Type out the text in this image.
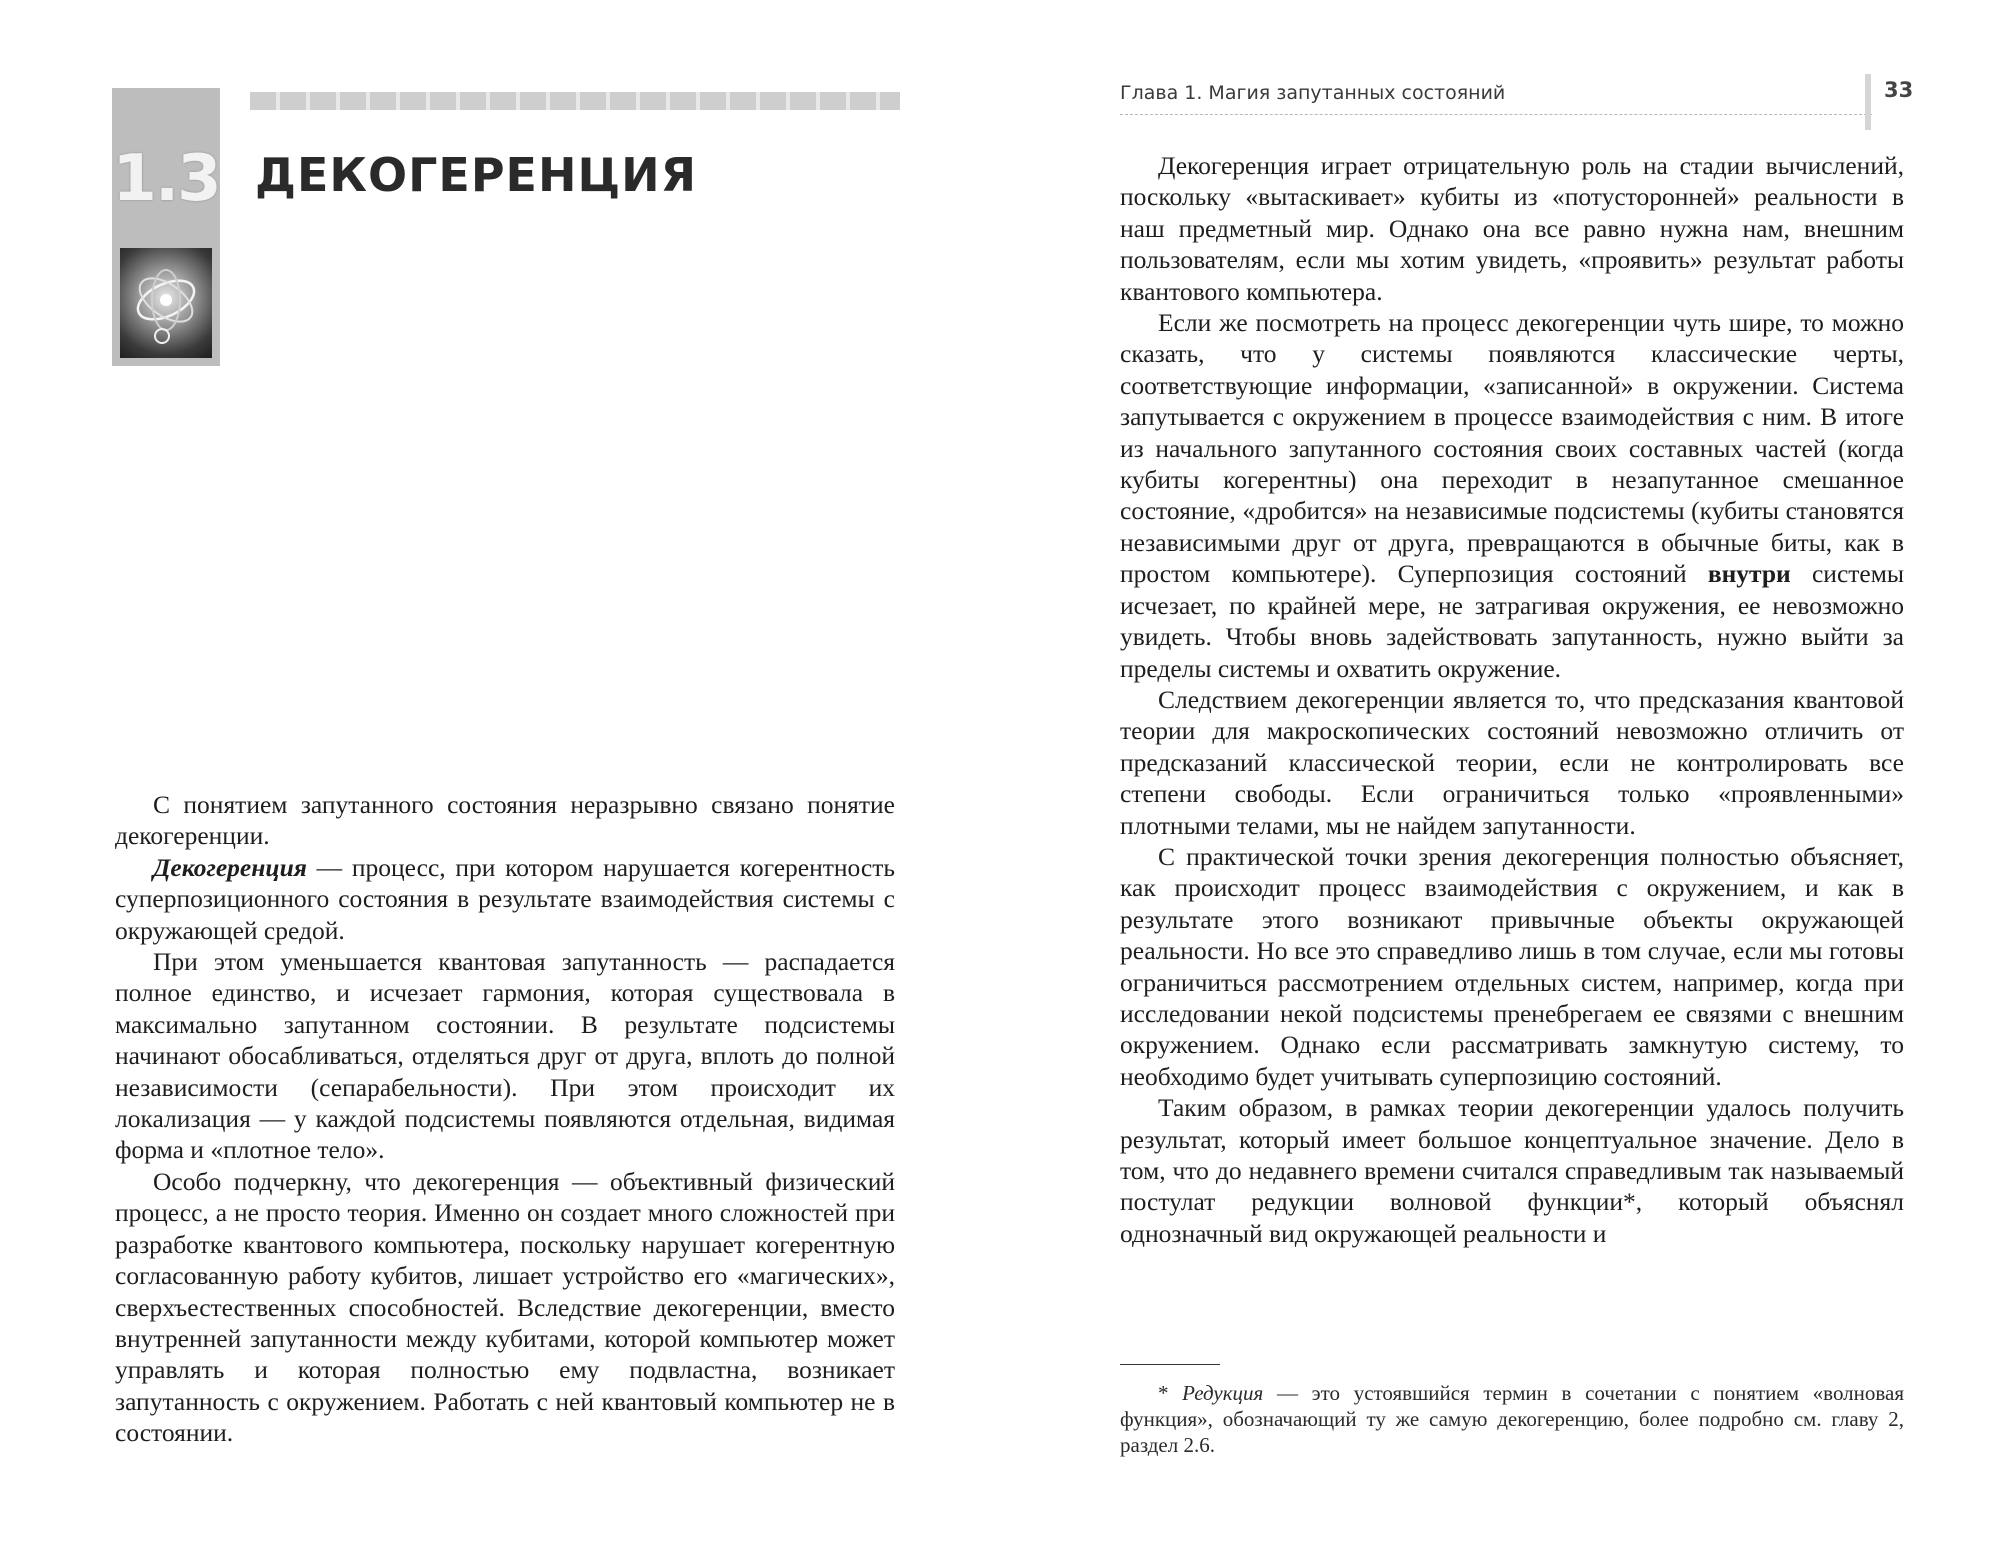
1.3 ДЕКОГЕРЕНЦИЯ

С понятием запутанного состояния неразрывно связано понятие декогеренции.

Декогеренция — процесс, при котором нарушается когерентность суперпозиционного состояния в результате взаимодействия системы с окружающей средой.

При этом уменьшается квантовая запутанность — распадается полное единство, и исчезает гармония, которая существовала в максимально запутанном состоянии. В результате подсистемы начинают обосабливаться, отделяться друг от друга, вплоть до полной независимости (сепарабельности). При этом происходит их локализация — у каждой подсистемы появляются отдельная, видимая форма и «плотное тело».

Особо подчеркну, что декогеренция — объективный физический процесс, а не просто теория. Именно он создает много сложностей при разработке квантового компьютера, поскольку нарушает когерентную согласованную работу кубитов, лишает устройство его «магических», сверхъестественных способностей. Вследствие декогеренции, вместо внутренней запутанности между кубитами, которой компьютер может управлять и которая полностью ему подвластна, возникает запутанность с окружением. Работать с ней квантовый компьютер не в состоянии.

Глава 1. Магия запутанных состояний	33

Декогеренция играет отрицательную роль на стадии вычислений, поскольку «вытаскивает» кубиты из «потусторонней» реальности в наш предметный мир. Однако она все равно нужна нам, внешним пользователям, если мы хотим увидеть, «проявить» результат работы квантового компьютера.

Если же посмотреть на процесс декогеренции чуть шире, то можно сказать, что у системы появляются классические черты, соответствующие информации, «записанной» в окружении. Система запутывается с окружением в процессе взаимодействия с ним. В итоге из начального запутанного состояния своих составных частей (когда кубиты когерентны) она переходит в незапутанное смешанное состояние, «дробится» на независимые подсистемы (кубиты становятся независимыми друг от друга, превращаются в обычные биты, как в простом компьютере). Суперпозиция состояний внутри системы исчезает, по крайней мере, не затрагивая окружения, ее невозможно увидеть. Чтобы вновь задействовать запутанность, нужно выйти за пределы системы и охватить окружение.

Следствием декогеренции является то, что предсказания квантовой теории для макроскопических состояний невозможно отличить от предсказаний классической теории, если не контролировать все степени свободы. Если ограничиться только «проявленными» плотными телами, мы не найдем запутанности.

С практической точки зрения декогеренция полностью объясняет, как происходит процесс взаимодействия с окружением, и как в результате этого возникают привычные объекты окружающей реальности. Но все это справедливо лишь в том случае, если мы готовы ограничиться рассмотрением отдельных систем, например, когда при исследовании некой подсистемы пренебрегаем ее связями с внешним окружением. Однако если рассматривать замкнутую систему, то необходимо будет учитывать суперпозицию состояний.

Таким образом, в рамках теории декогеренции удалось получить результат, который имеет большое концептуальное значение. Дело в том, что до недавнего времени считался справедливым так называемый постулат редукции волновой функции*, который объяснял однозначный вид окружающей реальности и

* Редукция — это устоявшийся термин в сочетании с понятием «волновая функция», обозначающий ту же самую декогеренцию, более подробно см. главу 2, раздел 2.6.
